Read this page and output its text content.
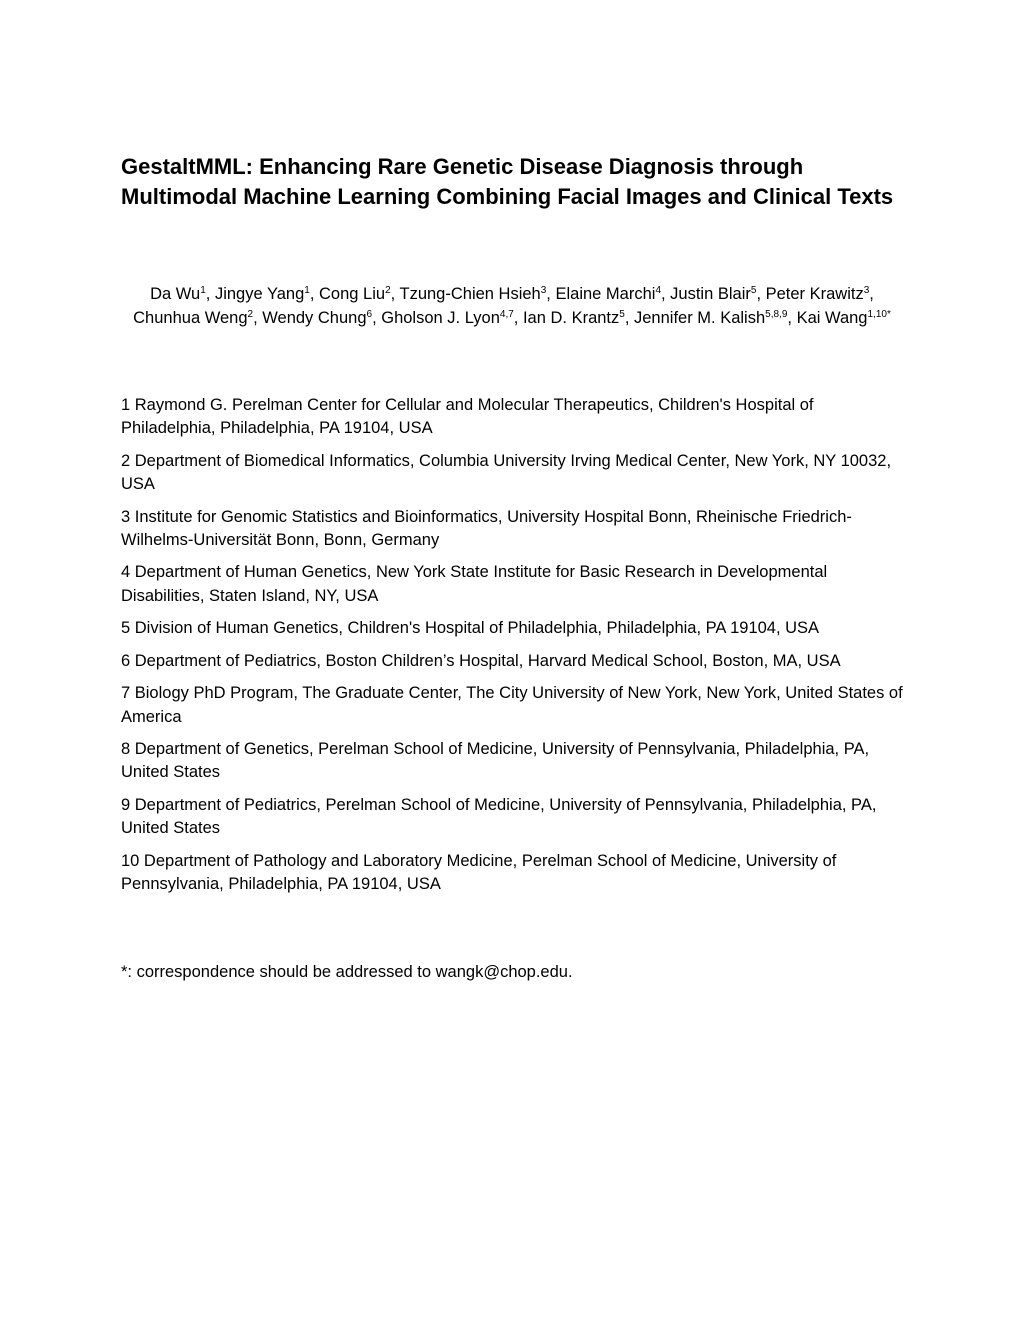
GestaltMML: Enhancing Rare Genetic Disease Diagnosis through Multimodal Machine Learning Combining Facial Images and Clinical Texts

Da Wu$^1$, Jingye Yang$^1$, Cong Liu$^2$, Tzung-Chien Hsieh$^3$, Elaine Marchi$^4$, Justin Blair$^5$, Peter Krawitz$^3$, Chunhua Weng$^2$, Wendy Chung$^6$, Gholson J. Lyon$^{4,7}$, Ian D. Krantz$^5$, Jennifer M. Kalish$^{5,8,9}$, Kai Wang$^{1,10*}$

1 Raymond G. Perelman Center for Cellular and Molecular Therapeutics, Children's Hospital of Philadelphia, Philadelphia, PA 19104, USA
2 Department of Biomedical Informatics, Columbia University Irving Medical Center, New York, NY 10032, USA
3 Institute for Genomic Statistics and Bioinformatics, University Hospital Bonn, Rheinische Friedrich-Wilhelms-Universität Bonn, Bonn, Germany
4 Department of Human Genetics, New York State Institute for Basic Research in Developmental Disabilities, Staten Island, NY, USA
5 Division of Human Genetics, Children's Hospital of Philadelphia, Philadelphia, PA 19104, USA
6 Department of Pediatrics, Boston Children’s Hospital, Harvard Medical School, Boston, MA, USA
7 Biology PhD Program, The Graduate Center, The City University of New York, New York, United States of America
8 Department of Genetics, Perelman School of Medicine, University of Pennsylvania, Philadelphia, PA, United States
9 Department of Pediatrics, Perelman School of Medicine, University of Pennsylvania, Philadelphia, PA, United States
10 Department of Pathology and Laboratory Medicine, Perelman School of Medicine, University of Pennsylvania, Philadelphia, PA 19104, USA

*: correspondence should be addressed to wangk@chop.edu.
